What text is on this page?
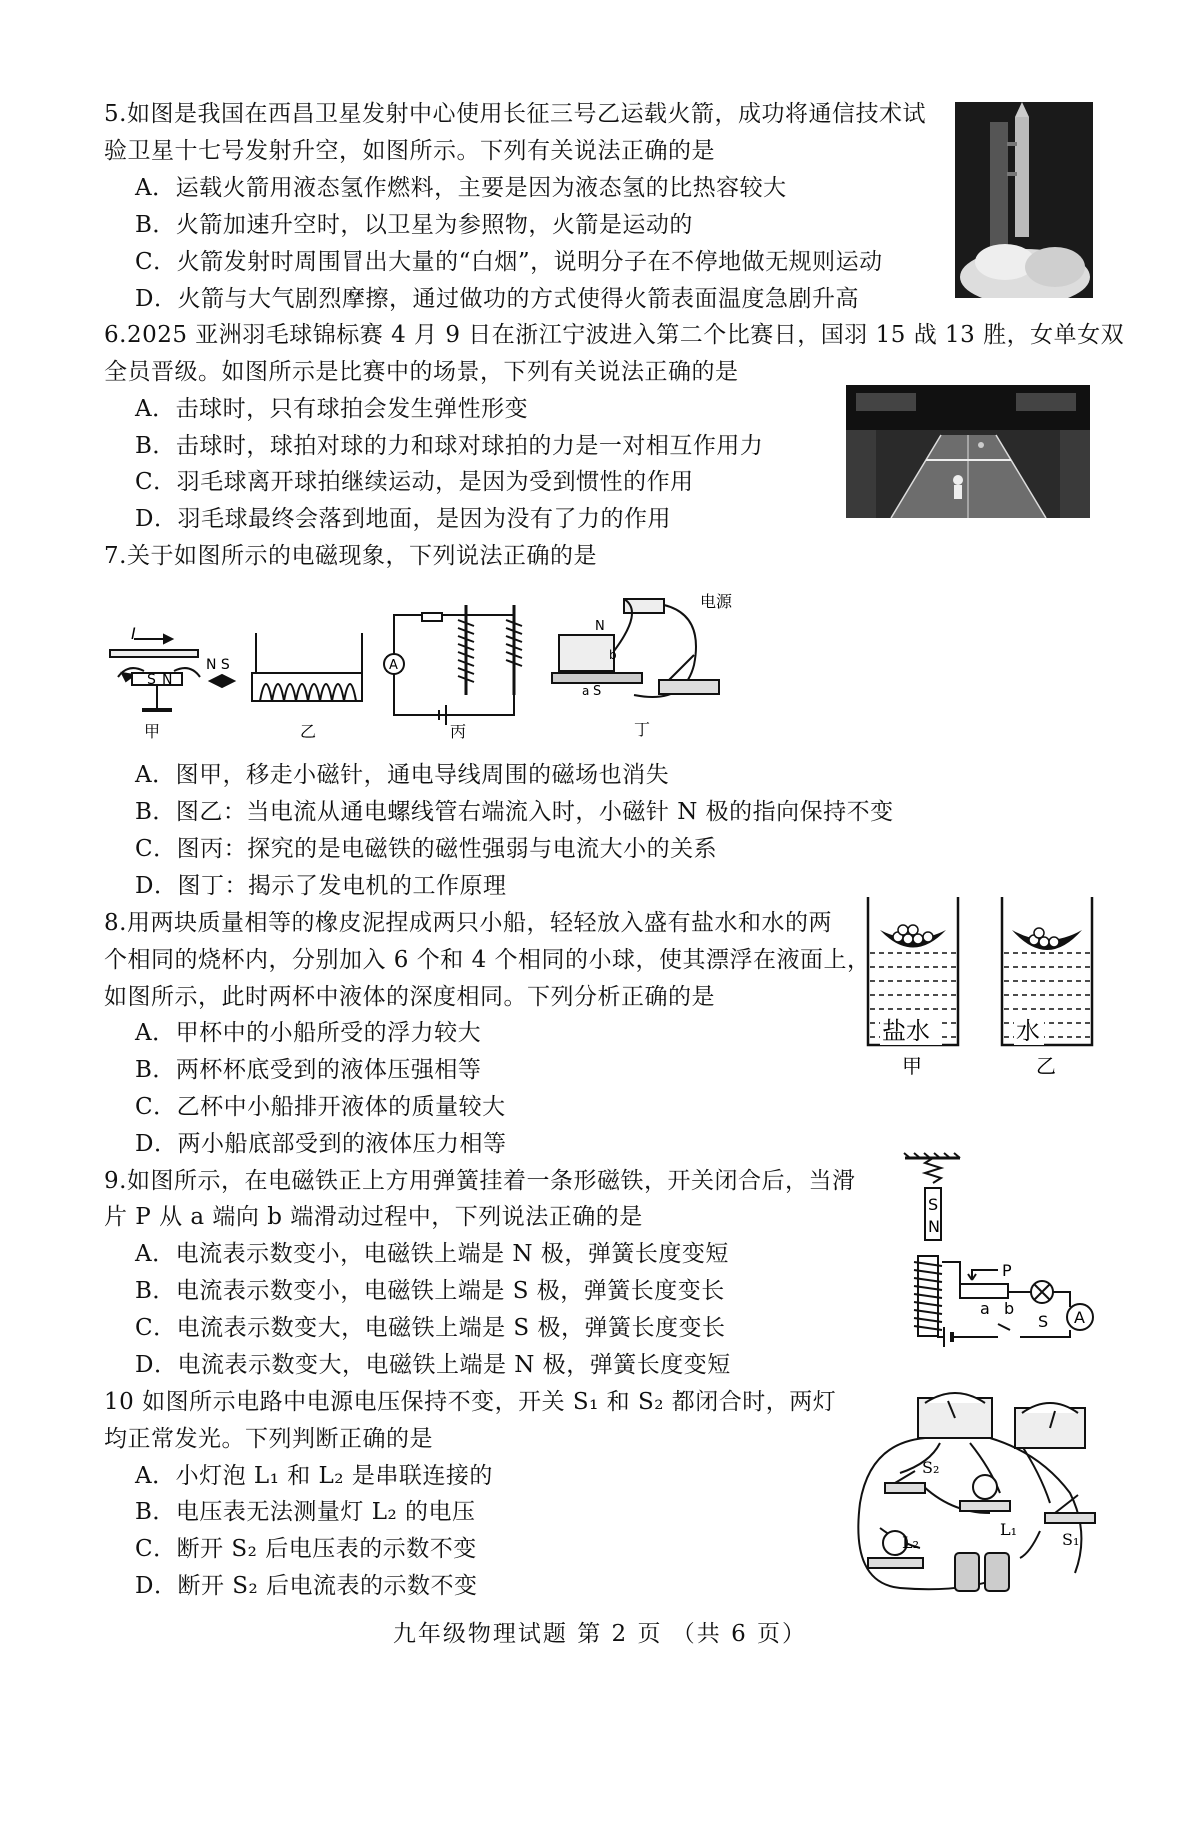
5.如图是我国在西昌卫星发射中心使用长征三号乙运载火箭，成功将通信技术试
验卫星十七号发射升空，如图所示。下列有关说法正确的是
A．运载火箭用液态氢作燃料，主要是因为液态氢的比热容较大
B．火箭加速升空时，以卫星为参照物，火箭是运动的
C．火箭发射时周围冒出大量的“白烟”，说明分子在不停地做无规则运动
D．火箭与大气剧烈摩擦，通过做功的方式使得火箭表面温度急剧升高
6.2025 亚洲羽毛球锦标赛 4 月 9 日在浙江宁波进入第二个比赛日，国羽 15 战 13 胜，女单女双
全员晋级。如图所示是比赛中的场景，下列有关说法正确的是
A．击球时，只有球拍会发生弹性形变
B．击球时，球拍对球的力和球对球拍的力是一对相互作用力
C．羽毛球离开球拍继续运动，是因为受到惯性的作用
D．羽毛球最终会落到地面，是因为没有了力的作用
7.关于如图所示的电磁现象，下列说法正确的是
I
S N
甲
N S
乙
A
丙
N
b
a S
电源
丁
A．图甲，移走小磁针，通电导线周围的磁场也消失
B．图乙：当电流从通电螺线管右端流入时，小磁针 N 极的指向保持不变
C．图丙：探究的是电磁铁的磁性强弱与电流大小的关系
D．图丁：揭示了发电机的工作原理
8.用两块质量相等的橡皮泥捏成两只小船，轻轻放入盛有盐水和水的两
个相同的烧杯内，分别加入 6 个和 4 个相同的小球，使其漂浮在液面上，
如图所示，此时两杯中液体的深度相同。下列分析正确的是
A．甲杯中的小船所受的浮力较大
B．两杯杯底受到的液体压强相等
C．乙杯中小船排开液体的质量较大
D．两小船底部受到的液体压力相等
盐水	水
甲	乙
9.如图所示，在电磁铁正上方用弹簧挂着一条形磁铁，开关闭合后，当滑
片 P 从 a 端向 b 端滑动过程中，下列说法正确的是
A．电流表示数变小，电磁铁上端是 N 极，弹簧长度变短
B．电流表示数变小，电磁铁上端是 S 极，弹簧长度变长
C．电流表示数变大，电磁铁上端是 S 极，弹簧长度变长
D．电流表示数变大，电磁铁上端是 N 极，弹簧长度变短
S
N
P
a b
S A
10 如图所示电路中电源电压保持不变，开关 S₁ 和 S₂ 都闭合时，两灯
均正常发光。下列判断正确的是
A．小灯泡 L₁ 和 L₂ 是串联连接的
B．电压表无法测量灯 L₂ 的电压
C．断开 S₂ 后电压表的示数不变
D．断开 S₂ 后电流表的示数不变
S₂
L₁
L₂	S₁
九年级物理试题 第 2 页 （共 6 页）
